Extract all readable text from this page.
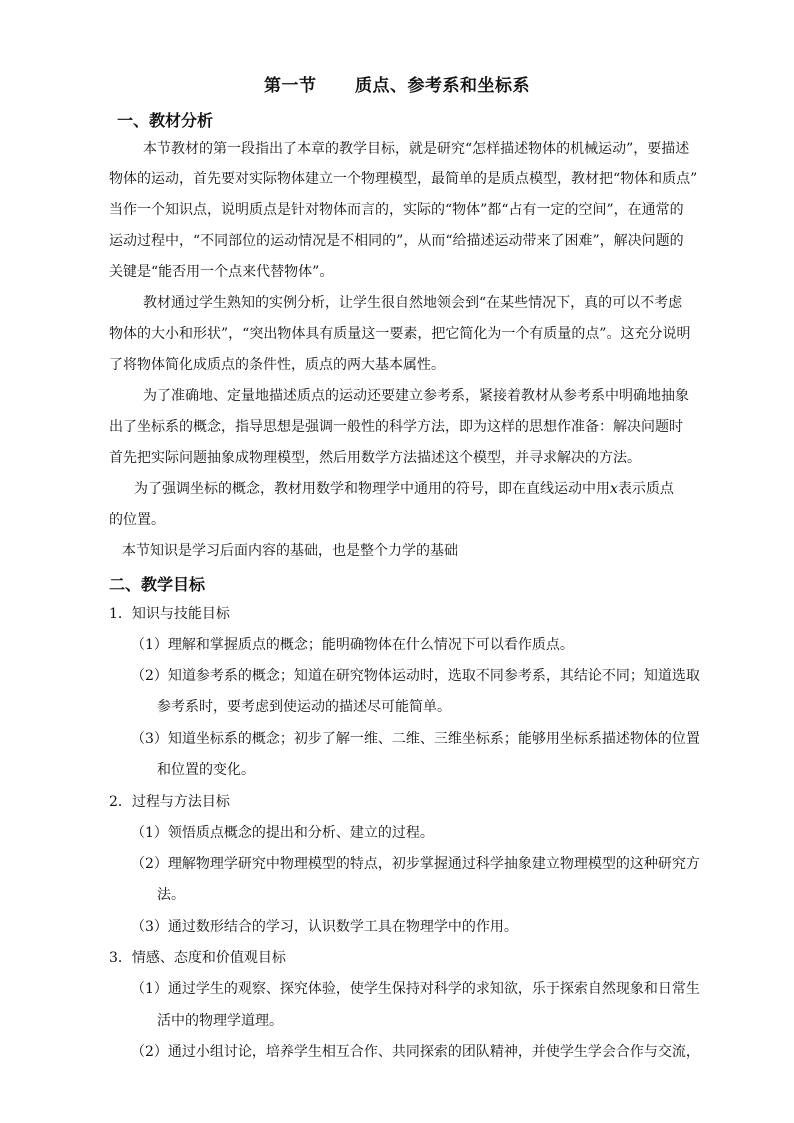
第一节      质点、参考系和坐标系
一、教材分析
本节教材的第一段指出了本章的教学目标，就是研究“怎样描述物体的机械运动”，要描述
物体的运动，首先要对实际物体建立一个物理模型，最简单的是质点模型，教材把“物体和质点”
当作一个知识点，说明质点是针对物体而言的，实际的“物体”都“占有一定的空间”，在通常的
运动过程中，“不同部位的运动情况是不相同的”，从而“给描述运动带来了困难”，解决问题的
关键是“能否用一个点来代替物体”。
教材通过学生熟知的实例分析，让学生很自然地领会到“在某些情况下，真的可以不考虑
物体的大小和形状”，“突出物体具有质量这一要素，把它简化为一个有质量的点”。这充分说明
了将物体简化成质点的条件性，质点的两大基本属性。
为了准确地、定量地描述质点的运动还要建立参考系，紧接着教材从参考系中明确地抽象
出了坐标系的概念，指导思想是强调一般性的科学方法，即为这样的思想作准备：解决问题时
首先把实际问题抽象成物理模型，然后用数学方法描述这个模型，并寻求解决的方法。
为了强调坐标的概念，教材用数学和物理学中通用的符号，即在直线运动中用x表示质点
的位置。
本节知识是学习后面内容的基础，也是整个力学的基础
二、教学目标
1．知识与技能目标
（1）理解和掌握质点的概念；能明确物体在什么情况下可以看作质点。
（2）知道参考系的概念；知道在研究物体运动时，选取不同参考系，其结论不同；知道选取
参考系时，要考虑到使运动的描述尽可能简单。
（3）知道坐标系的概念；初步了解一维、二维、三维坐标系；能够用坐标系描述物体的位置
和位置的变化。
2．过程与方法目标
（1）领悟质点概念的提出和分析、建立的过程。
（2）理解物理学研究中物理模型的特点，初步掌握通过科学抽象建立物理模型的这种研究方
法。
（3）通过数形结合的学习，认识数学工具在物理学中的作用。
3．情感、态度和价值观目标
（1）通过学生的观察、探究体验，使学生保持对科学的求知欲，乐于探索自然现象和日常生
活中的物理学道理。
（2）通过小组讨论，培养学生相互合作、共同探索的团队精神，并使学生学会合作与交流，
